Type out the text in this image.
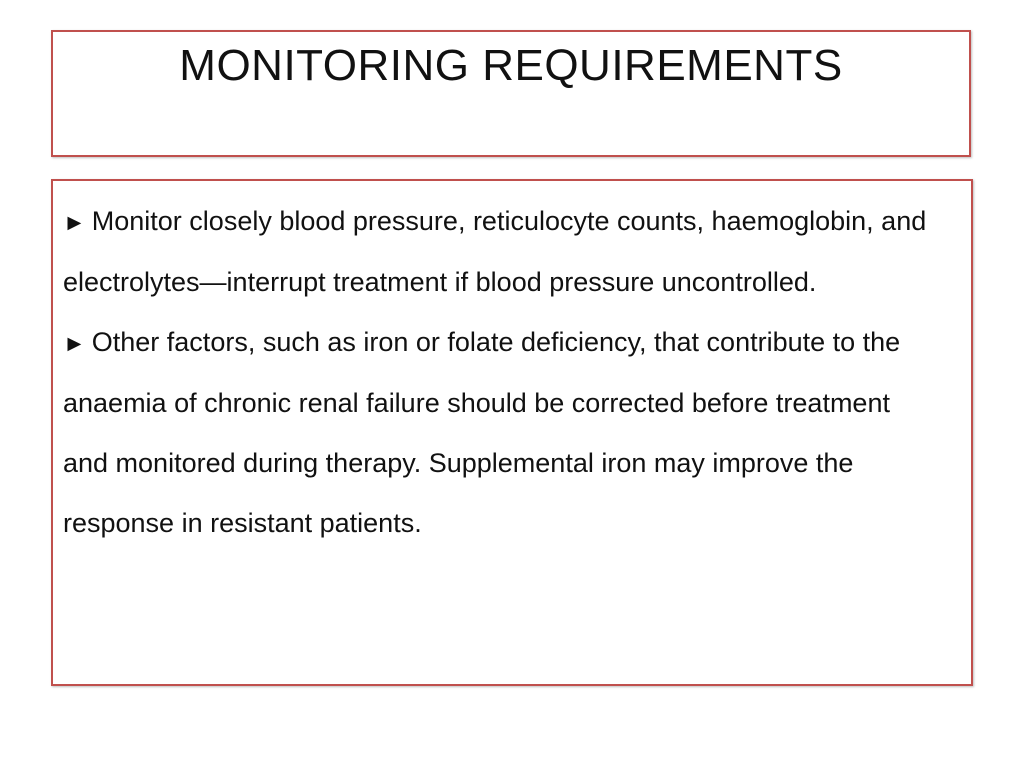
MONITORING REQUIREMENTS

► Monitor closely blood pressure, reticulocyte counts, haemoglobin, and electrolytes—interrupt treatment if blood pressure uncontrolled.

► Other factors, such as iron or folate deficiency, that contribute to the anaemia of chronic renal failure should be corrected before treatment and monitored during therapy. Supplemental iron may improve the response in resistant patients.
